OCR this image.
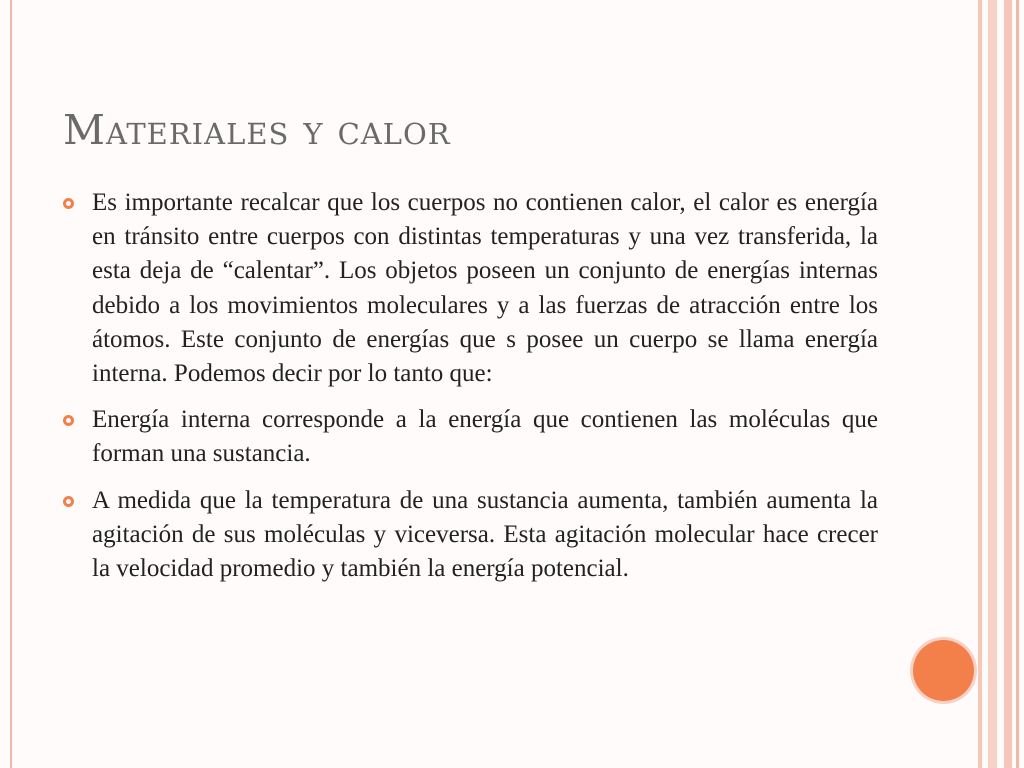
Materiales y calor
Es importante recalcar que los cuerpos no contienen calor, el calor es energía en tránsito entre cuerpos con distintas temperaturas y una vez transferida, la esta deja de “calentar”. Los objetos poseen un conjunto de energías internas debido a los movimientos moleculares y a las fuerzas de atracción entre los átomos. Este conjunto de energías que s posee un cuerpo se llama energía interna. Podemos decir por lo tanto que:
Energía interna corresponde a la energía que contienen las moléculas que forman una sustancia.
A medida que la temperatura de una sustancia aumenta, también aumenta la agitación de sus moléculas y viceversa. Esta agitación molecular hace crecer la velocidad promedio y también la energía potencial.
